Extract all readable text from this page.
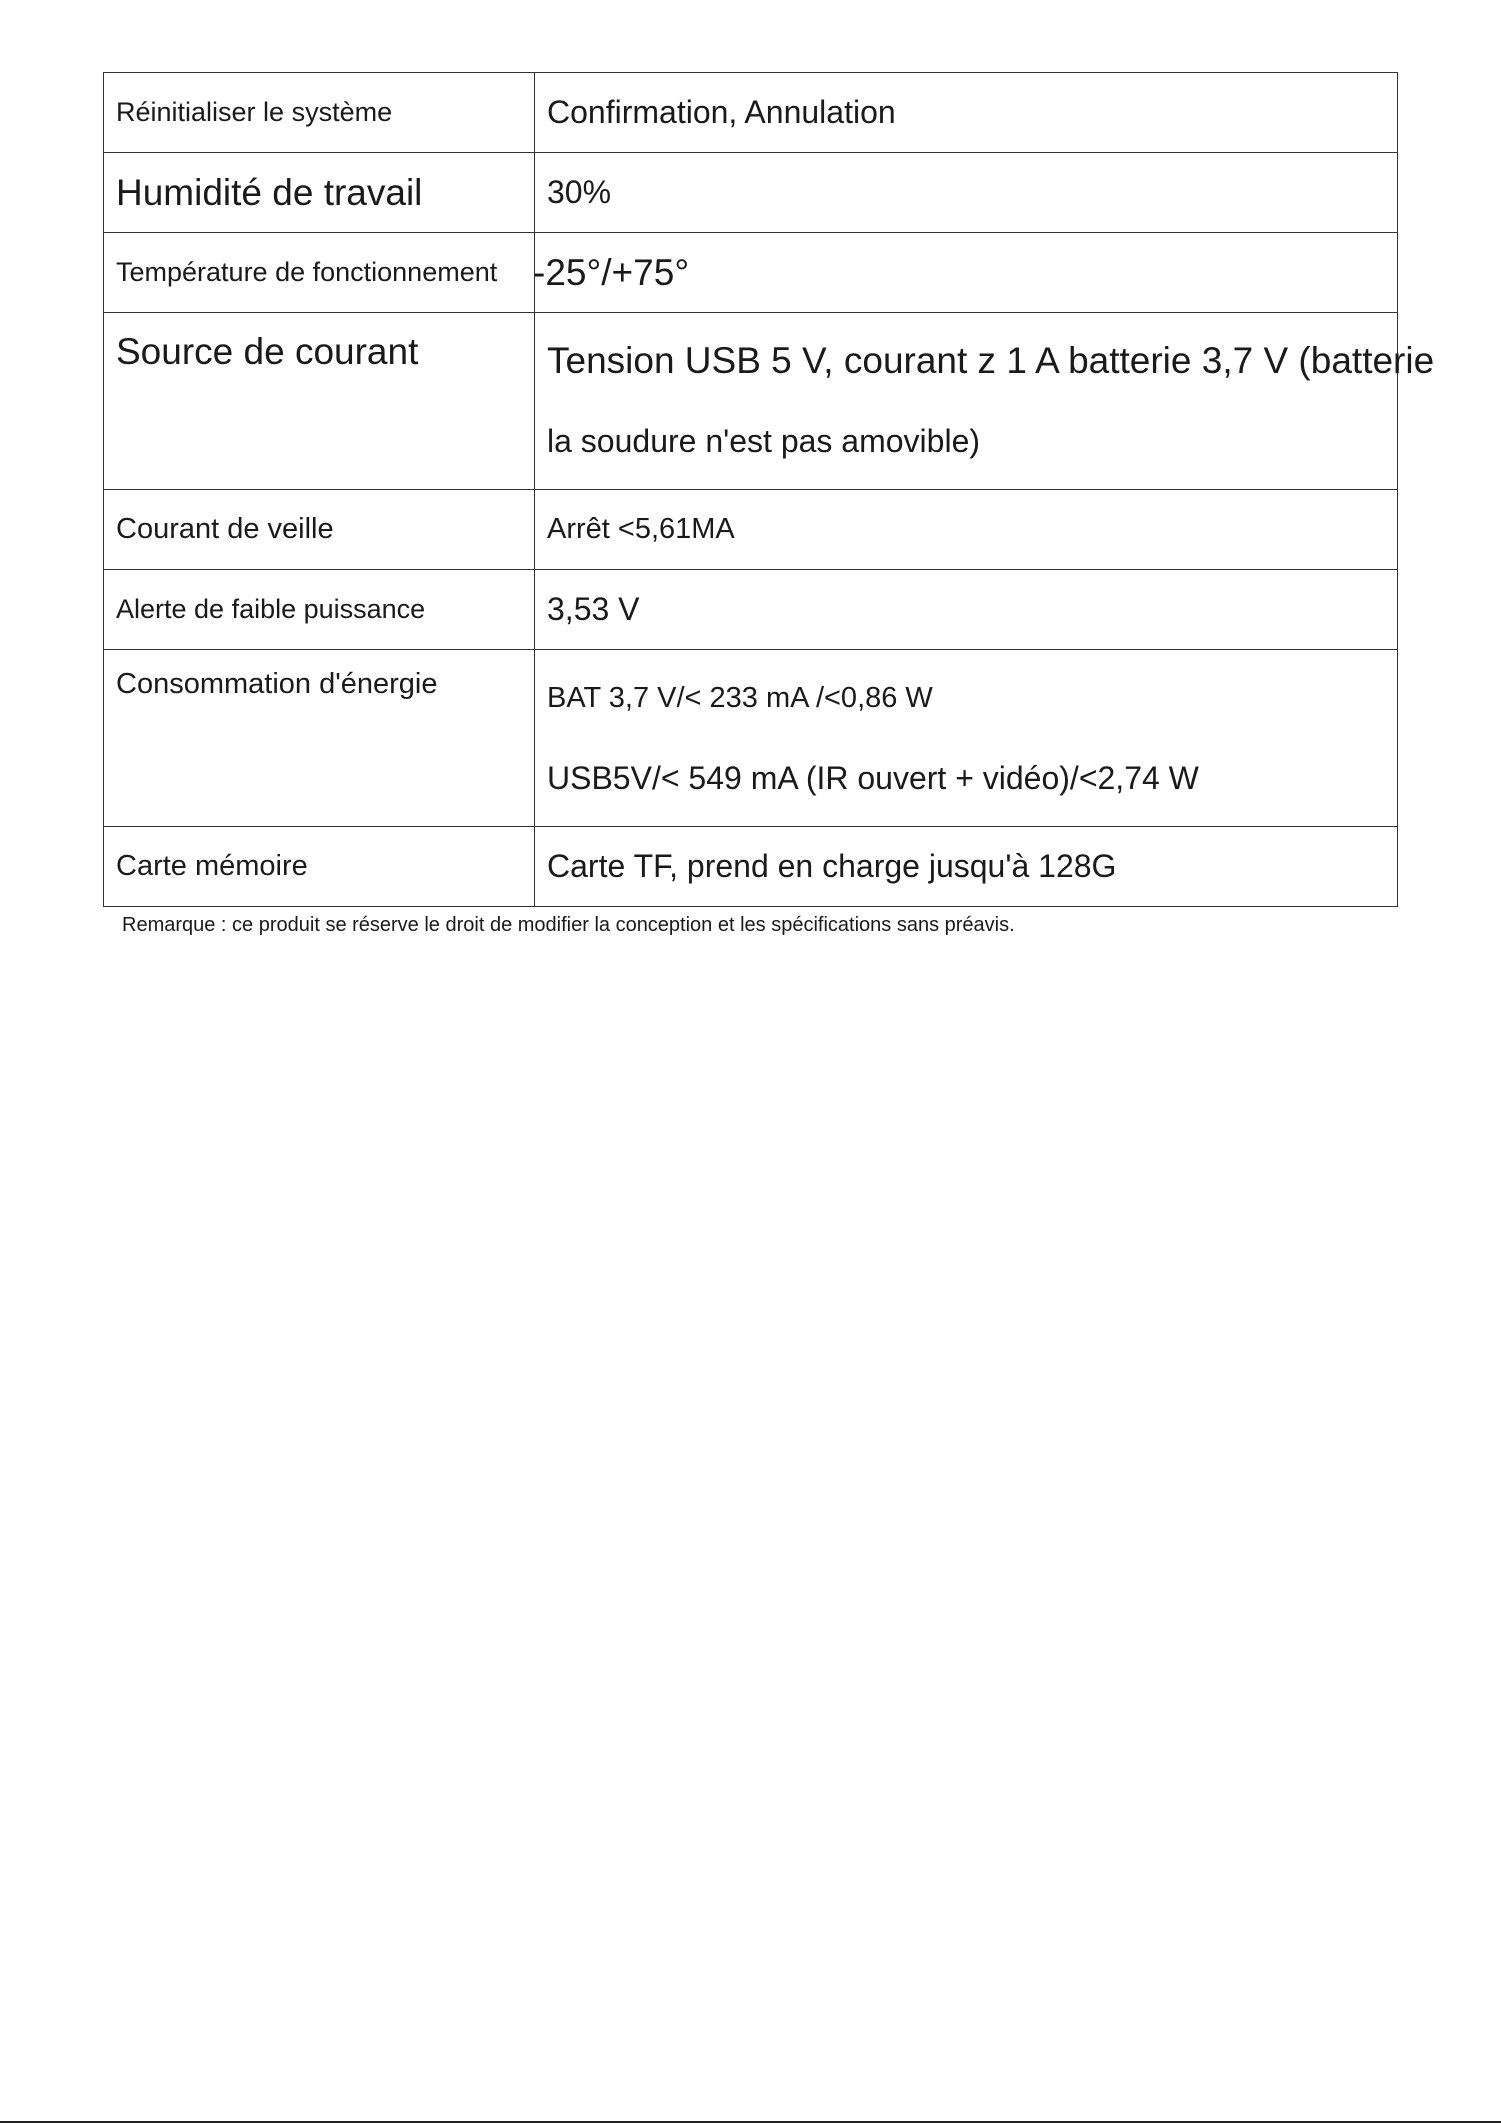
Réinitialiser le système	Confirmation, Annulation
Humidité de travail	30%
Température de fonctionnement	-25°/+75°
Source de courant	Tension USB 5 V, courant z 1 A batterie 3,7 V (batterie
la soudure n'est pas amovible)

Courant de veille	Arrêt <5,61MA
Alerte de faible puissance	3,53 V
Consommation d'énergie	BAT 3,7 V/< 233 mA /<0,86 W
USB5V/< 549 mA (IR ouvert + vidéo)/<2,74 W

Carte mémoire	Carte TF, prend en charge jusqu'à 128G
Remarque : ce produit se réserve le droit de modifier la conception et les spécifications sans préavis.
